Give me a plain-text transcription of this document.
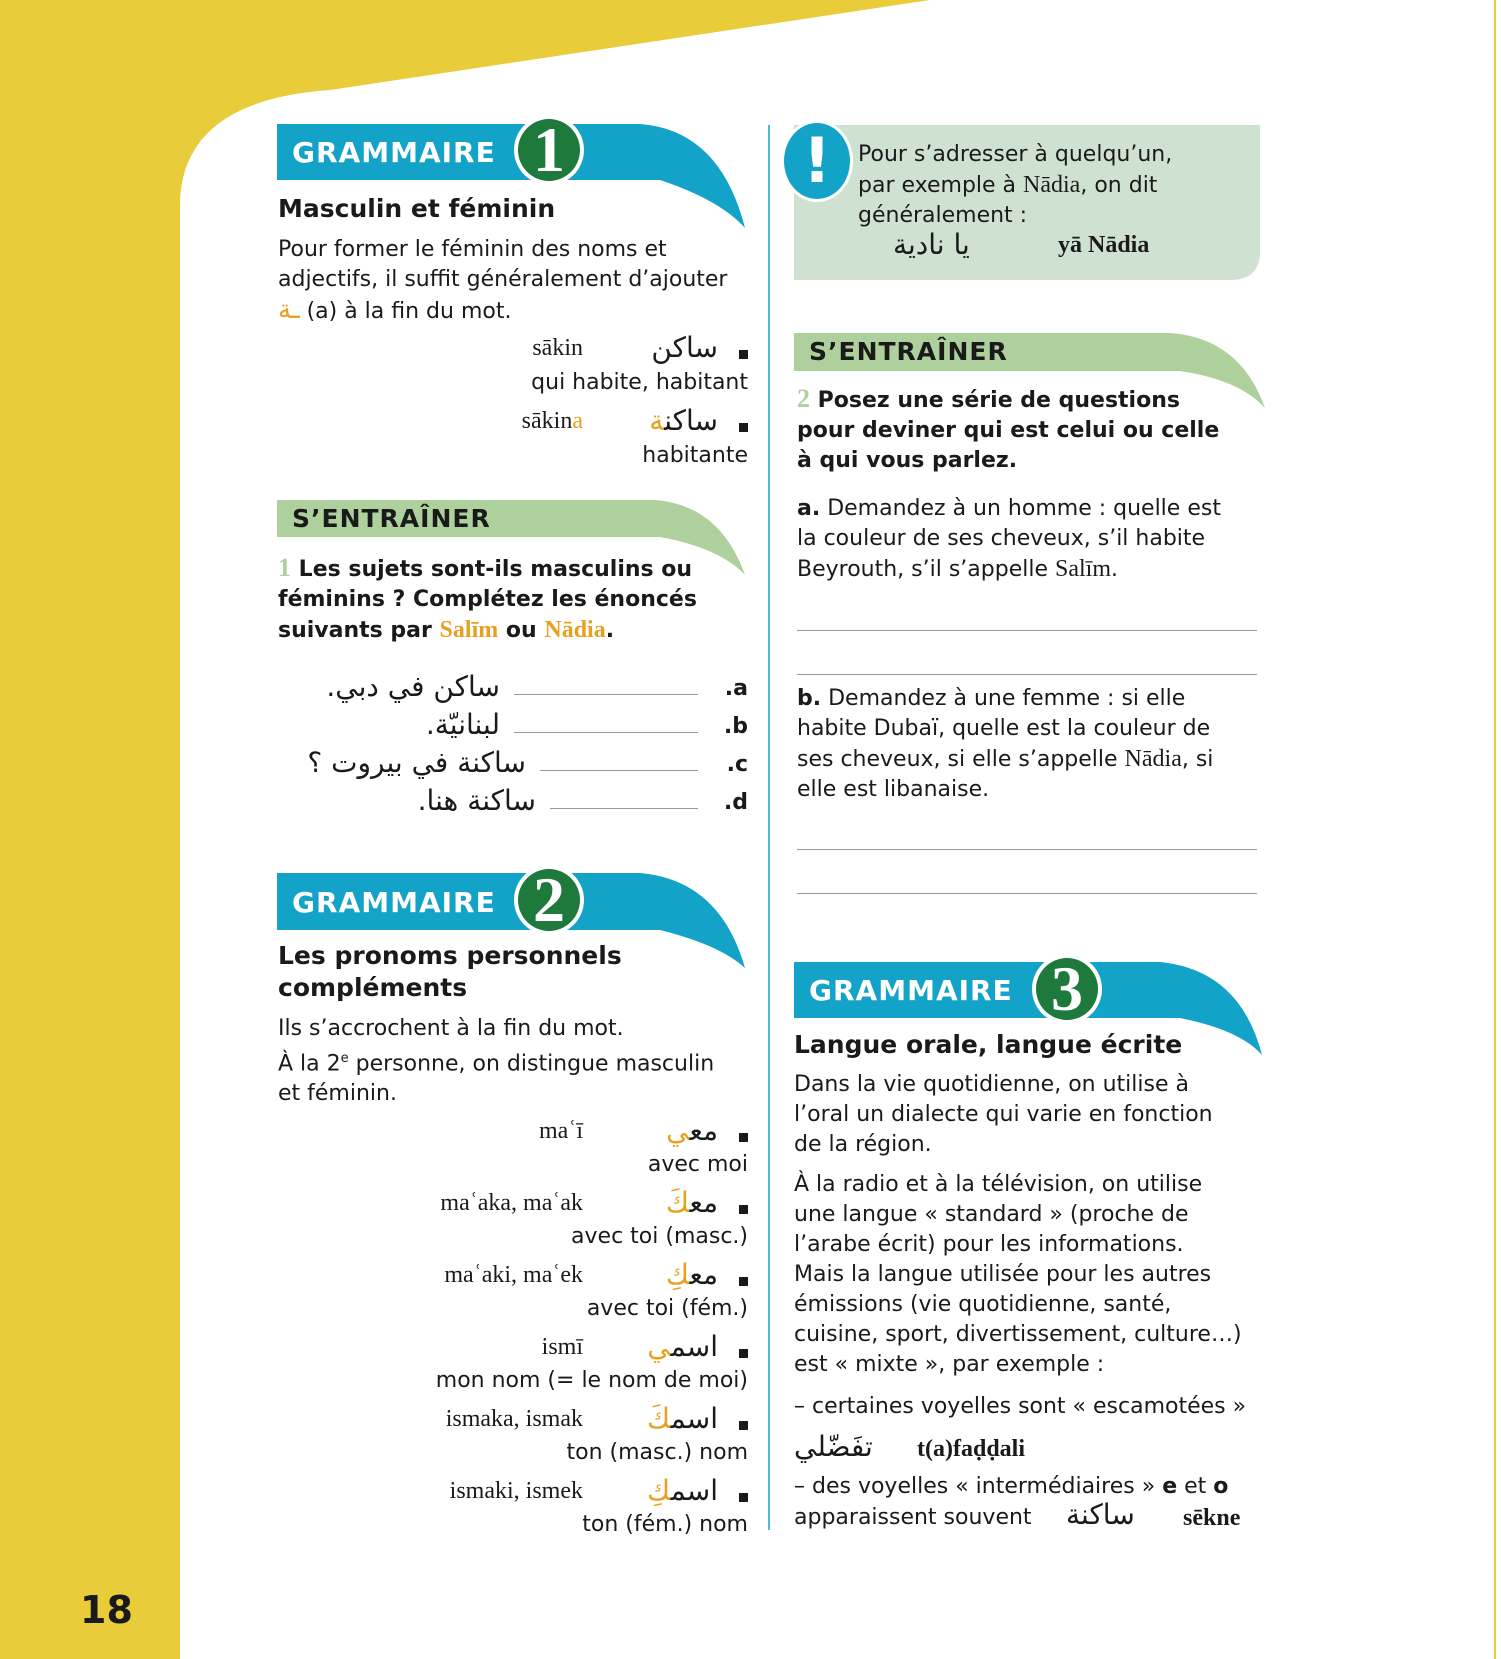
GRAMMAIRE 1
Masculin et féminin
Pour former le féminin des noms et
adjectifs, il suffit généralement d’ajouter
ـة (a) à la fin du mot.
sākin ساكن
qui habite, habitant
sākina	ساكنة
habitante
S’ENTRAÎNER
1 Les sujets sont-ils masculins ou
féminins ? Complétez les énoncés
suivants par Salīm ou Nādia.
ساكن في دبي.	.a
لبنانيّة.	.b
ساكنة في بيروت ؟	.c
ساكنة هنا.	.d
GRAMMAIRE 2
Les pronoms personnels
compléments
Ils s’accrochent à la fin du mot.
À la 2e personne, on distingue masculin
et féminin.
maʿī	معي
avec moi
maʿaka, maʿak	معكَ
avec toi (masc.)
maʿaki, maʿek	معكِ
avec toi (fém.)
ismī	اسمي
mon nom (= le nom de moi)
ismaka, ismak	اسمكَ
ton (masc.) nom
ismaki, ismek	اسمكِ
ton (fém.) nom
!	Pour s’adresser à quelqu’un,
par exemple à Nādia, on dit
généralement :
يا نادية	yā Nādia
S’ENTRAÎNER
2 Posez une série de questions
pour deviner qui est celui ou celle
à qui vous parlez.
a. Demandez à un homme : quelle est
la couleur de ses cheveux, s’il habite
Beyrouth, s’il s’appelle Salīm.
b. Demandez à une femme : si elle
habite Dubaï, quelle est la couleur de
ses cheveux, si elle s’appelle Nādia, si
elle est libanaise.
GRAMMAIRE 3
Langue orale, langue écrite
Dans la vie quotidienne, on utilise à
l’oral un dialecte qui varie en fonction
de la région.
À la radio et à la télévision, on utilise
une langue « standard » (proche de
l’arabe écrit) pour les informations.
Mais la langue utilisée pour les autres
émissions (vie quotidienne, santé,
cuisine, sport, divertissement, culture…)
est « mixte », par exemple :
– certaines voyelles sont « escamotées »
تفَضّلي t(a)faḍḍali
– des voyelles « intermédiaires » e et o
apparaissent souvent ساكنة sēkne
18
